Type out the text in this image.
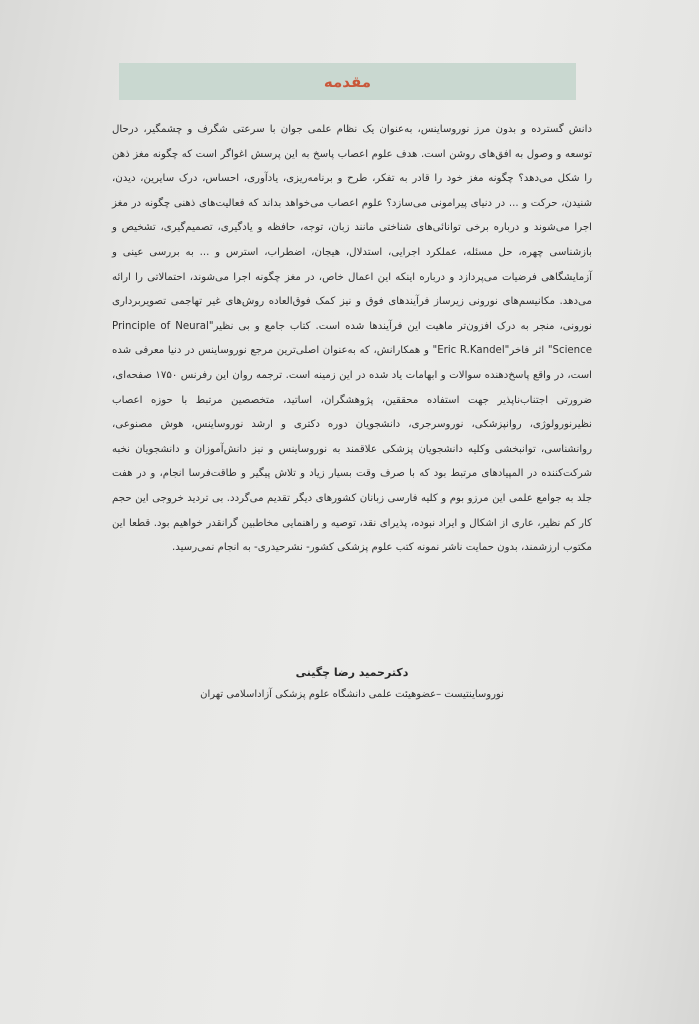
مقدمه

دانش گسترده و بدون مرز نوروساینس، به‌عنوان یک نظام علمی جوان با سرعتی شگرف و چشمگیر، درحال توسعه و وصول به افق‌های روشن است. هدف علوم اعصاب پاسخ به این پرسش اغواگر است که چگونه مغز ذهن را شکل می‌دهد؟ چگونه مغز خود را قادر به تفکر، طرح و برنامه‌ریزی، یادآوری، احساس، درک سایرین، دیدن، شنیدن، حرکت و ... در دنیای پیرامونی می‌سازد؟ علوم اعصاب می‌خواهد بداند که فعالیت‌های ذهنی چگونه در مغز اجرا می‌شوند و درباره برخی توانائی‌های شناختی مانند زبان، توجه، حافظه و یادگیری، تصمیم‌گیری، تشخیص و بازشناسی چهره، حل مسئله، عملکرد اجرایی، استدلال، هیجان، اضطراب، استرس و ... به بررسی عینی و آزمایشگاهی فرضیات می‌پردازد و درباره اینکه این اعمال خاص، در مغز چگونه اجرا می‌شوند، احتمالاتی را ارائه می‌دهد. مکانیسم‌های نورونی زیرساز فرآیندهای فوق و نیز کمک فوق‌العاده روش‌های غیر تهاجمی تصویربرداری نورونی، منجر به درک افزون‌تر ماهیت این فرآیندها شده است. کتاب جامع و بی نظیر"Principle of Neural Science" اثر فاخر"Eric R.Kandel" و همکارانش، که به‌عنوان اصلی‌ترین مرجع نوروساینس در دنیا معرفی شده است، در واقع پاسخ‌دهنده سوالات و ابهامات یاد شده در این زمینه است. ترجمه روان این رفرنس ۱۷۵۰ صفحه‌ای، ضرورتی اجتناب‌ناپذیر جهت استفاده محققین، پژوهشگران، اساتید، متخصصین مرتبط با حوزه اعصاب نظیرنورولوژی، روانپزشکی، نوروسرجری، دانشجویان دوره دکتری و ارشد نوروساینس، هوش مصنوعی، روانشناسی، توانبخشی وکلیه دانشجویان پزشکی علاقمند به نوروساینس و نیز دانش‌آموزان و دانشجویان نخبه شرکت‌کننده در المپیادهای مرتبط بود که با صرف وقت بسیار زیاد و تلاش پیگیر و طاقت‌فرسا انجام، و در هفت جلد به جوامع علمی این مرزو بوم و کلیه فارسی زبانان کشورهای دیگر تقدیم می‌گردد. بی تردید خروجی این حجم کار کم نظیر، عاری از اشکال و ایراد نبوده، پذیرای نقد، توصیه و راهنمایی مخاطبین گرانقدر خواهیم بود. قطعا این مکتوب ارزشمند، بدون حمایت ناشر نمونه کتب علوم پزشکی کشور- نشرحیدری- به انجام نمی‌رسید.

دکترحمید رضا چگینی
نوروساینتیست –عضوهیئت علمی دانشگاه علوم پزشکی آزاداسلامی تهران
